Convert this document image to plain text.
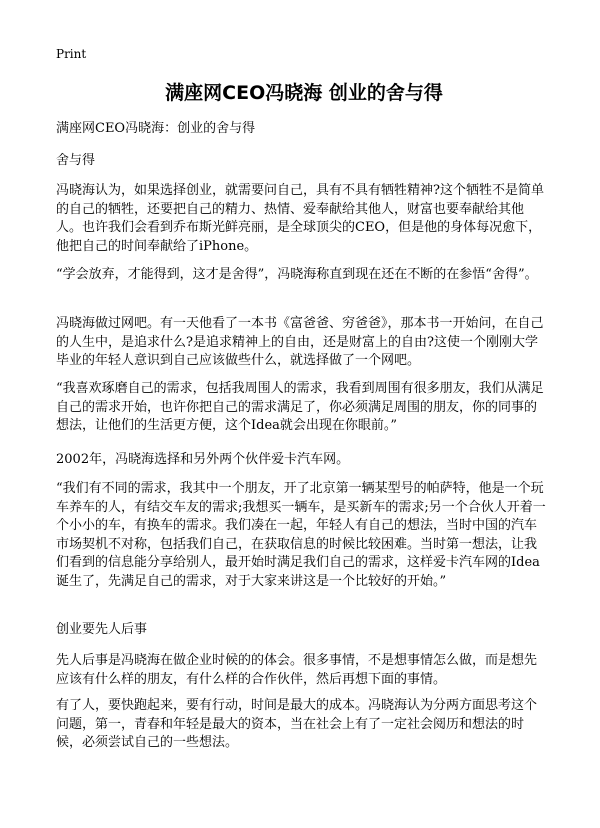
Print
满座网CEO冯晓海 创业的舍与得
满座网CEO冯晓海：创业的舍与得
舍与得
冯晓海认为，如果选择创业，就需要问自己，具有不具有牺牲精神?这个牺牲不是简单的自己的牺牲，还要把自己的精力、热情、爱奉献给其他人，财富也要奉献给其他人。也许我们会看到乔布斯光鲜亮丽，是全球顶尖的CEO，但是他的身体每况愈下，他把自己的时间奉献给了iPhone。
“学会放弃，才能得到，这才是舍得”，冯晓海称直到现在还在不断的在参悟“舍得”。
冯晓海做过网吧。有一天他看了一本书《富爸爸、穷爸爸》，那本书一开始问，在自己的人生中，是追求什么?是追求精神上的自由，还是财富上的自由?这使一个刚刚大学毕业的年轻人意识到自己应该做些什么，就选择做了一个网吧。
“我喜欢琢磨自己的需求，包括我周围人的需求，我看到周围有很多朋友，我们从满足自己的需求开始，也许你把自己的需求满足了，你必须满足周围的朋友，你的同事的想法，让他们的生活更方便，这个Idea就会出现在你眼前。”
2002年，冯晓海选择和另外两个伙伴爱卡汽车网。
“我们有不同的需求，我其中一个朋友，开了北京第一辆某型号的帕萨特，他是一个玩车养车的人，有结交车友的需求;我想买一辆车，是买新车的需求;另一个合伙人开着一个小小的车，有换车的需求。我们凑在一起，年轻人有自己的想法，当时中国的汽车市场契机不对称，包括我们自己，在获取信息的时候比较困难。当时第一想法，让我们看到的信息能分享给别人，最开始时满足我们自己的需求，这样爱卡汽车网的Idea诞生了，先满足自己的需求，对于大家来讲这是一个比较好的开始。”
创业要先人后事
先人后事是冯晓海在做企业时候的的体会。很多事情，不是想事情怎么做，而是想先应该有什么样的朋友，有什么样的合作伙伴，然后再想下面的事情。
有了人，要快跑起来，要有行动，时间是最大的成本。冯晓海认为分两方面思考这个问题，第一，青春和年轻是最大的资本，当在社会上有了一定社会阅历和想法的时候，必须尝试自己的一些想法。
